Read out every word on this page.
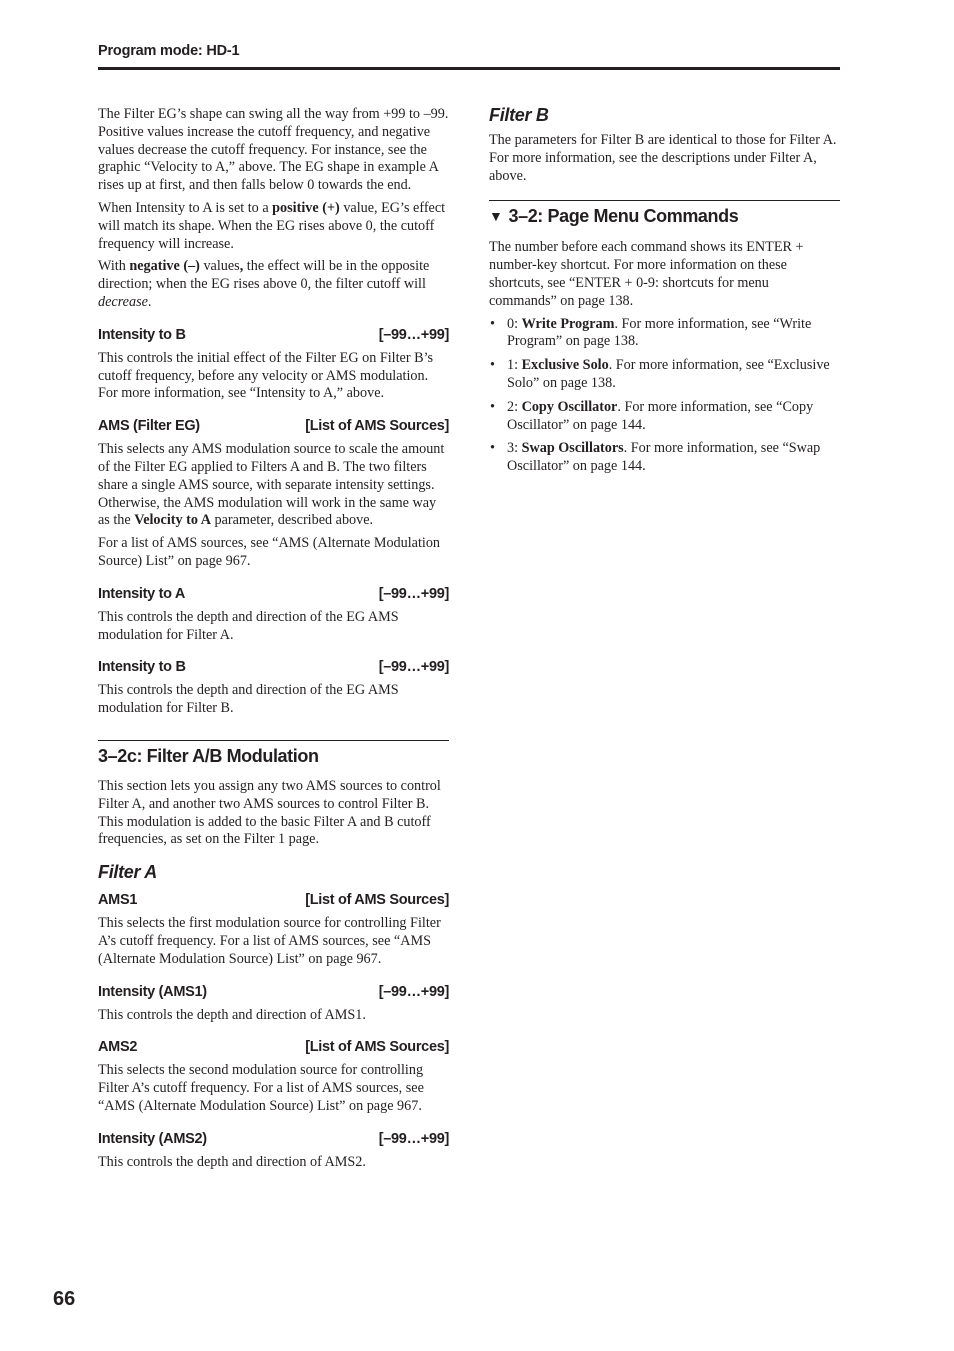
Program mode: HD-1

The Filter EG’s shape can swing all the way from +99 to –99. Positive values increase the cutoff frequency, and negative values decrease the cutoff frequency. For instance, see the graphic “Velocity to A,” above. The EG shape in example A rises up at first, and then falls below 0 towards the end.

When Intensity to A is set to a positive (+) value, EG’s effect will match its shape. When the EG rises above 0, the cutoff frequency will increase.

With negative (–) values, the effect will be in the opposite direction; when the EG rises above 0, the filter cutoff will decrease.

Intensity to B	[–99…+99]

This controls the initial effect of the Filter EG on Filter B’s cutoff frequency, before any velocity or AMS modulation. For more information, see “Intensity to A,” above.

AMS (Filter EG)	[List of AMS Sources]

This selects any AMS modulation source to scale the amount of the Filter EG applied to Filters A and B. The two filters share a single AMS source, with separate intensity settings. Otherwise, the AMS modulation will work in the same way as the Velocity to A parameter, described above.

For a list of AMS sources, see “AMS (Alternate Modulation Source) List” on page 967.

Intensity to A	[–99…+99]

This controls the depth and direction of the EG AMS modulation for Filter A.

Intensity to B	[–99…+99]

This controls the depth and direction of the EG AMS modulation for Filter B.

3–2c: Filter A/B Modulation

This section lets you assign any two AMS sources to control Filter A, and another two AMS sources to control Filter B. This modulation is added to the basic Filter A and B cutoff frequencies, as set on the Filter 1 page.

Filter A
AMS1	[List of AMS Sources]

This selects the first modulation source for controlling Filter A’s cutoff frequency. For a list of AMS sources, see “AMS (Alternate Modulation Source) List” on page 967.

Intensity (AMS1)	[–99…+99]

This controls the depth and direction of AMS1.

AMS2	[List of AMS Sources]

This selects the second modulation source for controlling Filter A’s cutoff frequency. For a list of AMS sources, see “AMS (Alternate Modulation Source) List” on page 967.

Intensity (AMS2)	[–99…+99]

This controls the depth and direction of AMS2.

Filter B

The parameters for Filter B are identical to those for Filter A. For more information, see the descriptions under Filter A, above.

▼ 3–2: Page Menu Commands

The number before each command shows its ENTER + number-key shortcut. For more information on these shortcuts, see “ENTER + 0-9: shortcuts for menu commands” on page 138.

• 0: Write Program. For more information, see “Write Program” on page 138.
• 1: Exclusive Solo. For more information, see “Exclusive Solo” on page 138.
• 2: Copy Oscillator. For more information, see “Copy Oscillator” on page 144.
• 3: Swap Oscillators. For more information, see “Swap Oscillator” on page 144.
66
